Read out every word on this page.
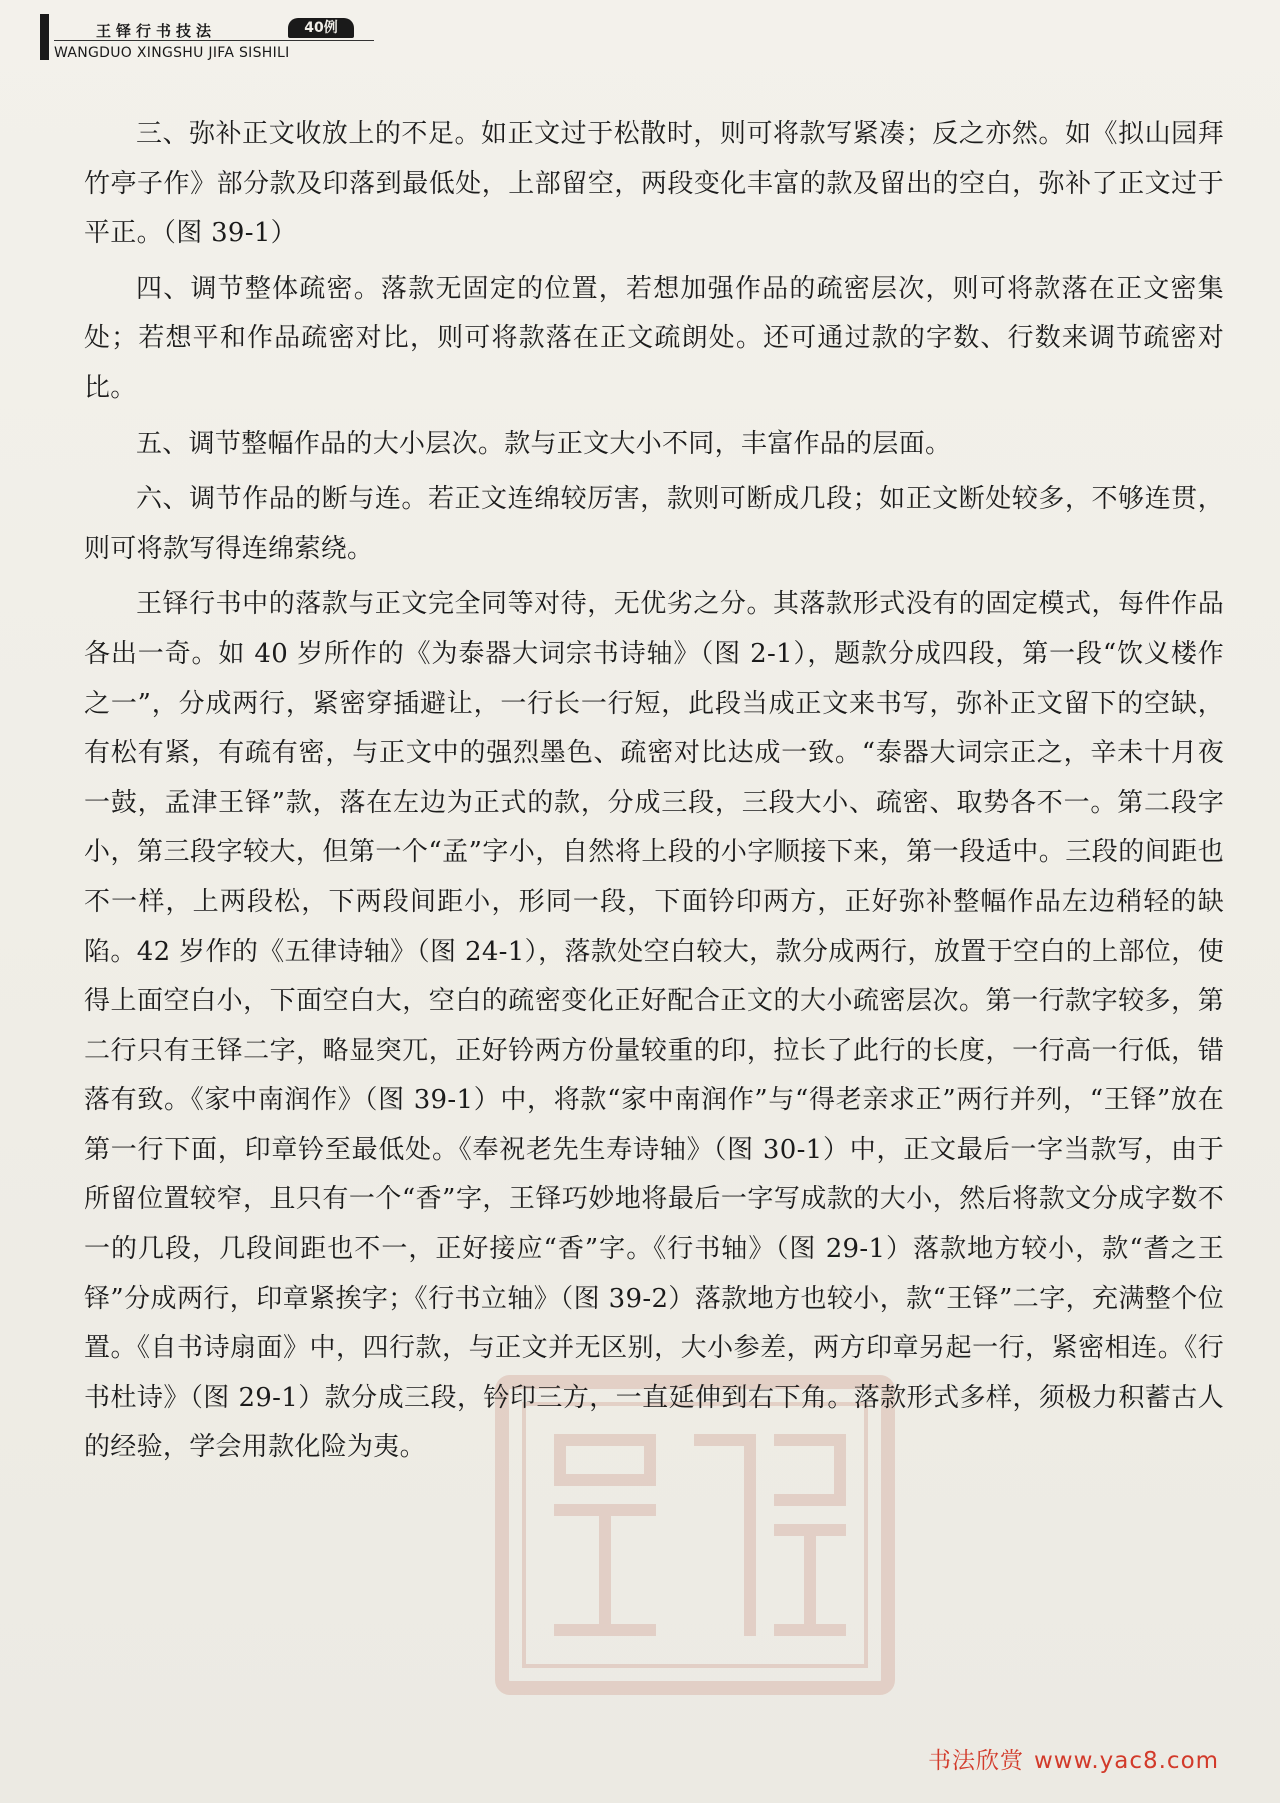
王铎行书技法	40例
WANGDUO XINGSHU JIFA SISHILI

三、弥补正文收放上的不足。如正文过于松散时，则可将款写紧凑；反之亦然。如《拟山园拜竹亭子作》部分款及印落到最低处，上部留空，两段变化丰富的款及留出的空白，弥补了正文过于平正。（图 39-1）

四、调节整体疏密。落款无固定的位置，若想加强作品的疏密层次，则可将款落在正文密集处；若想平和作品疏密对比，则可将款落在正文疏朗处。还可通过款的字数、行数来调节疏密对比。

五、调节整幅作品的大小层次。款与正文大小不同，丰富作品的层面。

六、调节作品的断与连。若正文连绵较厉害，款则可断成几段；如正文断处较多，不够连贯，则可将款写得连绵萦绕。

王铎行书中的落款与正文完全同等对待，无优劣之分。其落款形式没有的固定模式，每件作品各出一奇。如 40 岁所作的《为泰器大词宗书诗轴》（图 2-1），题款分成四段，第一段“饮义楼作之一”，分成两行，紧密穿插避让，一行长一行短，此段当成正文来书写，弥补正文留下的空缺，有松有紧，有疏有密，与正文中的强烈墨色、疏密对比达成一致。“泰器大词宗正之，辛未十月夜一鼓，孟津王铎”款，落在左边为正式的款，分成三段，三段大小、疏密、取势各不一。第二段字小，第三段字较大，但第一个“孟”字小，自然将上段的小字顺接下来，第一段适中。三段的间距也不一样，上两段松，下两段间距小，形同一段，下面钤印两方，正好弥补整幅作品左边稍轻的缺陷。42 岁作的《五律诗轴》（图 24-1），落款处空白较大，款分成两行，放置于空白的上部位，使得上面空白小，下面空白大，空白的疏密变化正好配合正文的大小疏密层次。第一行款字较多，第二行只有王铎二字，略显突兀，正好钤两方份量较重的印，拉长了此行的长度，一行高一行低，错落有致。《家中南润作》（图 39-1）中，将款“家中南润作”与“得老亲求正”两行并列，“王铎”放在第一行下面，印章钤至最低处。《奉祝老先生寿诗轴》（图 30-1）中，正文最后一字当款写，由于所留位置较窄，且只有一个“香”字，王铎巧妙地将最后一字写成款的大小，然后将款文分成字数不一的几段，几段间距也不一，正好接应“香”字。《行书轴》（图 29-1）落款地方较小，款“耆之王铎”分成两行，印章紧挨字；《行书立轴》（图 39-2）落款地方也较小，款“王铎”二字，充满整个位置。《自书诗扇面》中，四行款，与正文并无区别，大小参差，两方印章另起一行，紧密相连。《行书杜诗》（图 29-1）款分成三段，钤印三方，一直延伸到右下角。落款形式多样，须极力积蓄古人的经验，学会用款化险为夷。

书法欣赏 www.yac8.com
